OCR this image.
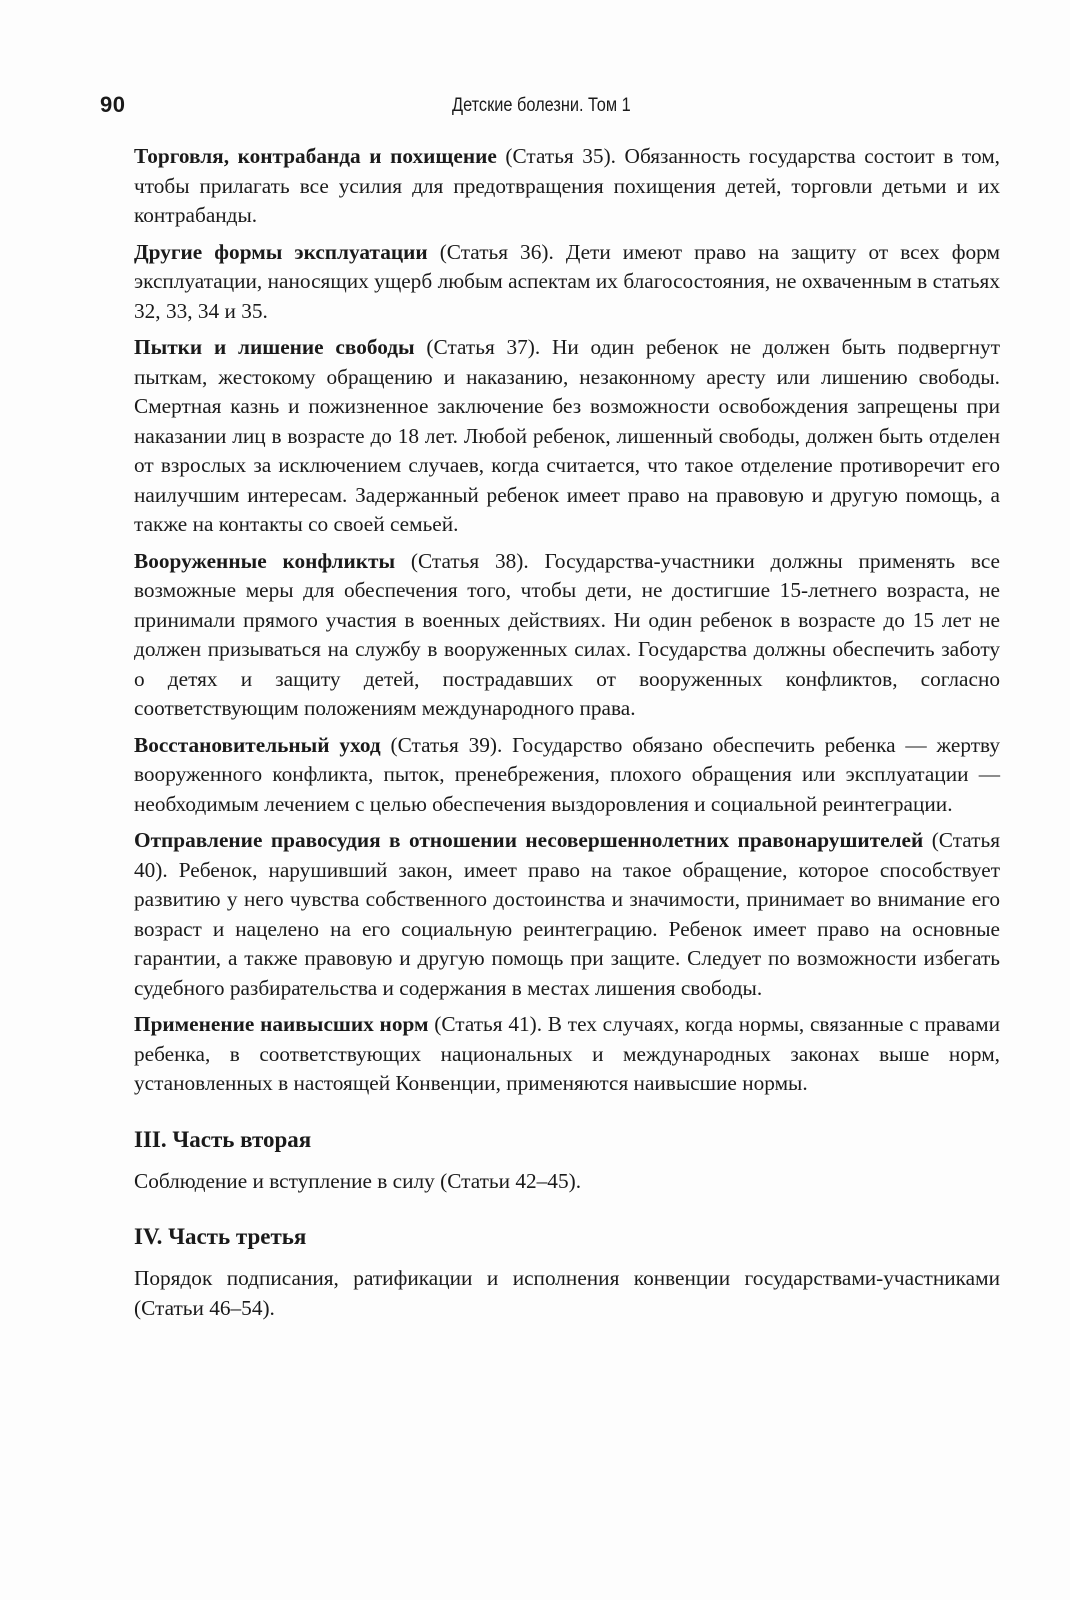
90	Детские болезни. Том 1

Торговля, контрабанда и похищение (Статья 35). Обязанность государства состоит в том, чтобы прилагать все усилия для предотвращения похищения детей, торговли детьми и их контрабанды.

Другие формы эксплуатации (Статья 36). Дети имеют право на защиту от всех форм эксплуатации, наносящих ущерб любым аспектам их благосостояния, не охваченным в статьях 32, 33, 34 и 35.

Пытки и лишение свободы (Статья 37). Ни один ребенок не должен быть подвергнут пыткам, жестокому обращению и наказанию, незаконному аресту или лишению свободы. Смертная казнь и пожизненное заключение без возможности освобождения запрещены при наказании лиц в возрасте до 18 лет. Любой ребенок, лишенный свободы, должен быть отделен от взрослых за исключением случаев, когда считается, что такое отделение противоречит его наилучшим интересам. Задержанный ребенок имеет право на правовую и другую помощь, а также на контакты со своей семьей.

Вооруженные конфликты (Статья 38). Государства-участники должны применять все возможные меры для обеспечения того, чтобы дети, не достигшие 15-летнего возраста, не принимали прямого участия в военных действиях. Ни один ребенок в возрасте до 15 лет не должен призываться на службу в вооруженных силах. Государства должны обеспечить заботу о детях и защиту детей, пострадавших от вооруженных конфликтов, согласно соответствующим положениям международного права.

Восстановительный уход (Статья 39). Государство обязано обеспечить ребенка — жертву вооруженного конфликта, пыток, пренебрежения, плохого обращения или эксплуатации — необходимым лечением с целью обеспечения выздоровления и социальной реинтеграции.

Отправление правосудия в отношении несовершеннолетних правонарушителей (Статья 40). Ребенок, нарушивший закон, имеет право на такое обращение, которое способствует развитию у него чувства собственного достоинства и значимости, принимает во внимание его возраст и нацелено на его социальную реинтеграцию. Ребенок имеет право на основные гарантии, а также правовую и другую помощь при защите. Следует по возможности избегать судебного разбирательства и содержания в местах лишения свободы.

Применение наивысших норм (Статья 41). В тех случаях, когда нормы, связанные с правами ребенка, в соответствующих национальных и международных законах выше норм, установленных в настоящей Конвенции, применяются наивысшие нормы.

III. Часть вторая

Соблюдение и вступление в силу (Статьи 42–45).

IV. Часть третья

Порядок подписания, ратификации и исполнения конвенции государствами-участниками (Статьи 46–54).
